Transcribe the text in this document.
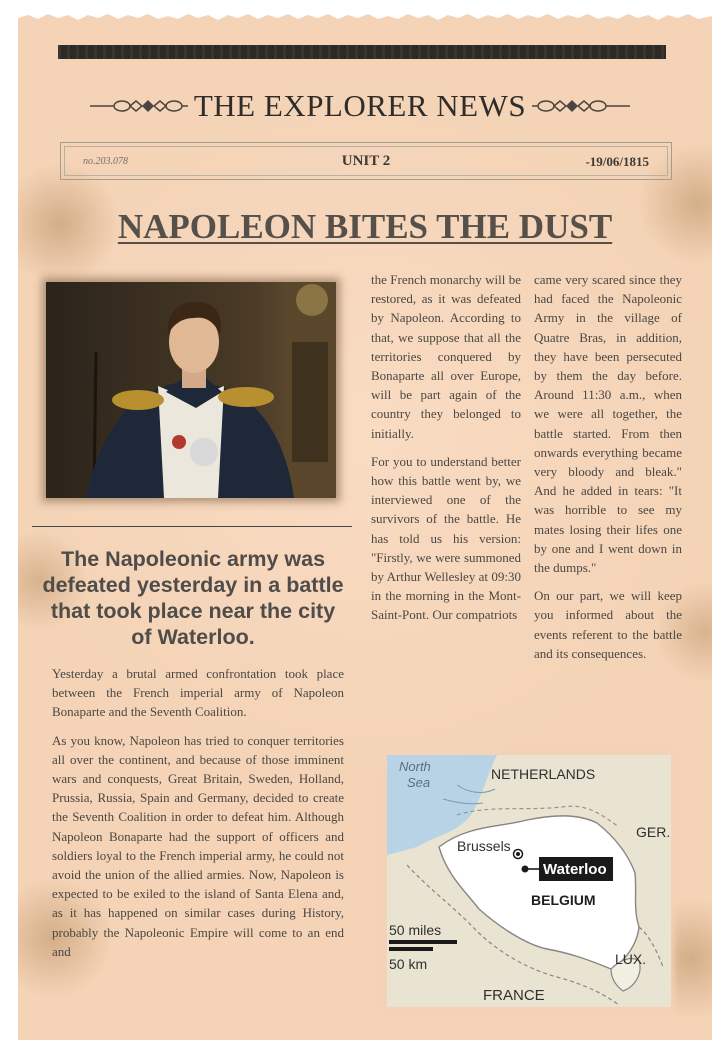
THE EXPLORER NEWS
no.203.078	UNIT 2	-19/06/1815
NAPOLEON BITES THE DUST
The Napoleonic army was defeated yesterday in a battle that took place near the city of Waterloo.

Yesterday a brutal armed confrontation took place between the French imperial army of Napoleon Bonaparte and the Seventh Coalition.

As you know, Napoleon has tried to conquer territories all over the continent, and because of those imminent wars and conquests, Great Britain, Sweden, Holland, Prussia, Russia, Spain and Germany, decided to create the Seventh Coalition in order to defeat him. Although Napoleon Bonaparte had the support of officers and soldiers loyal to the French imperial army, he could not avoid the union of the allied armies. Now, Napoleon is expected to be exiled to the island of Santa Elena and, as it has happened on similar cases during History, probably the Napoleonic Empire will come to an end and

the French monarchy will be restored, as it was defeated by Napoleon. According to that, we suppose that all the territories conquered by Bonaparte all over Europe, will be part again of the country they belonged to initially.

For you to understand better how this battle went by, we interviewed one of the survivors of the battle. He has told us his version: "Firstly, we were summoned by Arthur Wellesley at 09:30 in the morning in the Mont-Saint-Pont. Our compatriots

came very scared since they had faced the Napoleonic Army in the village of Quatre Bras, in addition, they have been persecuted by them the day before. Around 11:30 a.m., when we were all together, the battle started. From then onwards everything became very bloody and bleak." And he added in tears: "It was horrible to see my mates losing their lifes one by one and I went down in the dumps."

On our part, we will keep you informed about the events referent to the battle and its consequences.

North
Sea
NETHERLANDS
GER.
Brussels
Waterloo
BELGIUM
50 miles
50 km	LUX.
FRANCE
